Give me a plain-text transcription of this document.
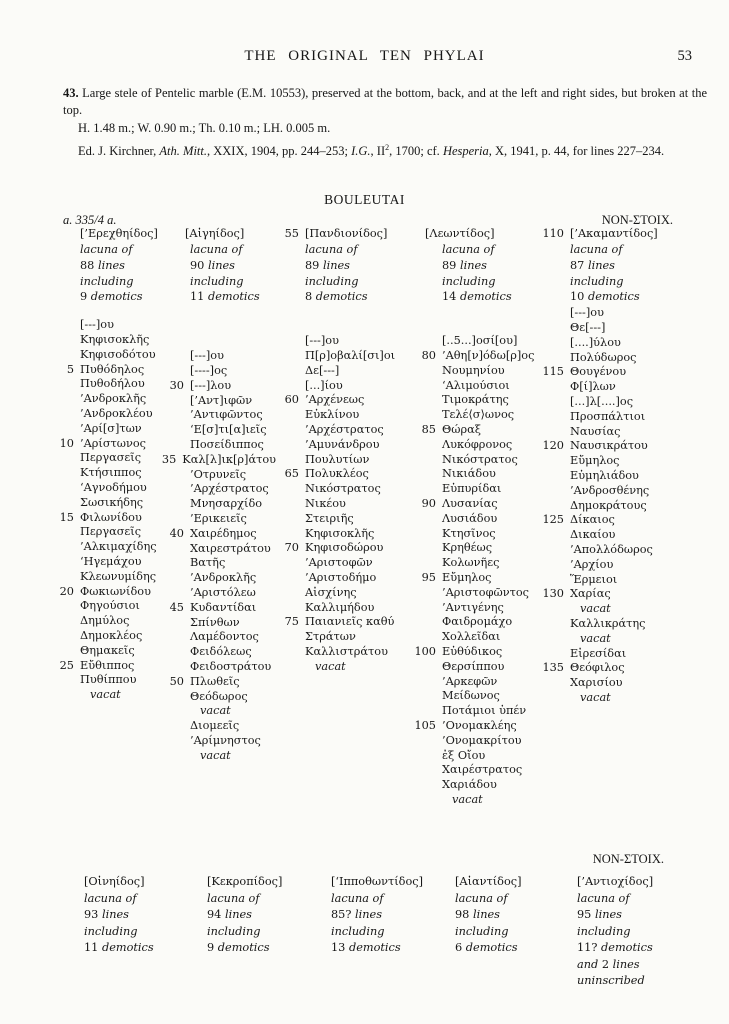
THE ORIGINAL TEN PHYLAI	53
43. Large stele of Pentelic marble (E.M. 10553), preserved at the bottom, back, and at the left and right sides, but broken at the top.
H. 1.48 m.; W. 0.90 m.; Th. 0.10 m.; LH. 0.005 m.
Ed. J. Kirchner, Ath. Mitt., XXIX, 1904, pp. 244–253; I.G., $II^2$, 1700; cf. Hesperia, X, 1941, p. 44, for lines 227–234.
BOULEUTAI
a. 335/4 a.	NON-ΣΤΟΙΧ.
[’Ερεχθηίδος]
lacuna of
88 lines
including
9 demotics
[---]ου
Κηφισοκλῆς
Κηφισοδότου
5 Πυθόδηλος
Πυθοδήλου
’Ανδροκλῆς
’Ανδροκλέου
’Αρί[σ]των
10 ’Αρίστωνος
Περγασεῖς
Κτήσιππος
‘Αγνοδήμου
Σωσικήδης
15 Φιλωνίδου
Περγασεῖς
’Αλκιμαχίδης
‘Ηγεμάχου
Κλεωνυμίδης
20 Φωκιωνίδου
Φηγούσιοι
Δημύλος
Δημοκλέος
Θημακεῖς
25 Εὔθιππος
Πυθίππου
vacat
[Αἰγηίδος]
lacuna of
90 lines
including
11 demotics
[---]ου
[----]ος
30 [---]λου
[’Αντ]ιφῶν
’Αντιφῶντος
‘Ε[σ]τι[α]ιεῖς
Ποσείδιππος
35 Καλ[λ]ικ[ρ]άτου
’Οτρυνεῖς
’Αρχέστρατος
Μνησαρχίδο
’Ερικειεῖς
40 Χαιρέδημος
Χαιρεστράτου
Βατῆς
’Ανδροκλῆς
’Αριστόλεω
45 Κυδαντίδαι
Σπίνθων
Λαμέδοντος
Φειδόλεως
Φειδοστράτου
50 Πλωθεῖς
Θεόδωρος
vacat
Διομεεῖς
’Αρίμνηστος
vacat
55 [Πανδιονίδος]
lacuna of
89 lines
including
8 demotics
[---]ου
Π[ρ]οβαλί[σι]οι
Δε[---]
[...]ίου
60 ’Αρχένεως
Εὐκλίνου
’Αρχέστρατος
’Αμυνάνδρου
Πουλυτίων
65 Πολυκλέος
Νικόστρατος
Νικέου
Στειριῆς
Κηφισοκλῆς
70 Κηφισοδώρου
’Αριστοφῶν
’Αριστοδήμο
Αἰσχίνης
Καλλιμήδου
75 Παιανιεῖς καθύ
Στράτων
Καλλιστράτου
vacat
[Λεωντίδος]
lacuna of
89 lines
including
14 demotics
[..5...]οσί[ου]
80 ’Αθη[ν]όδω[ρ]ος
Νουμηνίου
‘Αλιμούσιοι
Τιμοκράτης
Τελέ⟨σ⟩ωνος
85 Θώραξ
Λυκόφρονος
Νικόστρατος
Νικιάδου
Εὐπυρίδαι
90 Λυσανίας
Λυσιάδου
Κτησῖνος
Κρηθέως
Κολωνῆες
95 Εὔμηλος
’Αριστοφῶντος
’Αντιγένης
Φαιδρομάχο
Χολλεῖδαι
100 Εὐθύδικος
Θερσίππου
’Αρκεφῶν
Μείδωνος
Ποτάμιοι ὑπέν
105 ’Ονομακλέης
’Ονομακρίτου
ἐξ Οἴου
Χαιρέστρατος
Χαριάδου
vacat
110 [’Ακαμαντίδος]
lacuna of
87 lines
including
10 demotics
[---]ου
Θε[---]
[....]ύλου
Πολύδωρος
115 Θουγένου
Φ[ί]λων
[...]λ[....]ος
Προσπάλτιοι
Ναυσίας
120 Ναυσικράτου
Εὔμηλος
Εὐμηλιάδου
’Ανδροσθένης
Δημοκράτους
125 Δίκαιος
Δικαίου
’Απολλόδωρος
’Αρχίου
Ἕρμειοι
130 Χαρίας
vacat
Καλλικράτης
vacat
Εἰρεσίδαι
135 Θεόφιλος
Χαρισίου
vacat
NON-ΣΤΟΙΧ.
[Οἰνηίδος]
lacuna of
93 lines
including
11 demotics
[Κεκροπίδος]
lacuna of
94 lines
including
9 demotics
[‘Ιπποθωντίδος]
lacuna of
85? lines
including
13 demotics
[Αἰαντίδος]
lacuna of
98 lines
including
6 demotics
[’Αντιοχίδος]
lacuna of
95 lines
including
11? demotics
and 2 lines
uninscribed
